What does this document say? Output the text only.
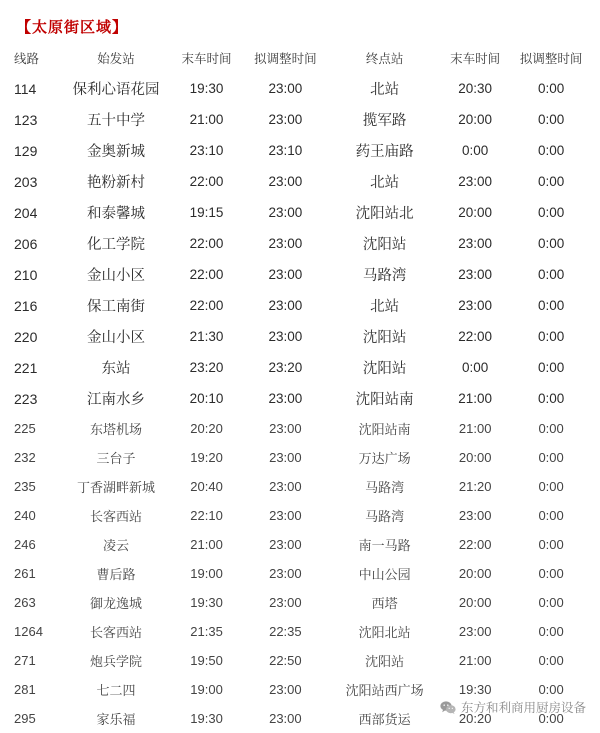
【太原街区域】
线路	始发站	末车时间	拟调整时间	终点站	末车时间	拟调整时间
114	保利心语花园	19:30	23:00	北站	20:30	0:00
123	五十中学	21:00	23:00	揽军路	20:00	0:00
129	金奥新城	23:10	23:10	药王庙路	0:00	0:00
203	艳粉新村	22:00	23:00	北站	23:00	0:00
204	和泰馨城	19:15	23:00	沈阳站北	20:00	0:00
206	化工学院	22:00	23:00	沈阳站	23:00	0:00
210	金山小区	22:00	23:00	马路湾	23:00	0:00
216	保工南街	22:00	23:00	北站	23:00	0:00
220	金山小区	21:30	23:00	沈阳站	22:00	0:00
221	东站	23:20	23:20	沈阳站	0:00	0:00
223	江南水乡	20:10	23:00	沈阳站南	21:00	0:00
225	东塔机场	20:20	23:00	沈阳站南	21:00	0:00
232	三台子	19:20	23:00	万达广场	20:00	0:00
235	丁香湖畔新城	20:40	23:00	马路湾	21:20	0:00
240	长客西站	22:10	23:00	马路湾	23:00	0:00
246	凌云	21:00	23:00	南一马路	22:00	0:00
261	曹后路	19:00	23:00	中山公园	20:00	0:00
263	御龙逸城	19:30	23:00	西塔	20:00	0:00
1264	长客西站	21:35	22:35	沈阳北站	23:00	0:00
271	炮兵学院	19:50	22:50	沈阳站	21:00	0:00
281	七二四	19:00	23:00	沈阳站西广场	19:30	0:00
295	家乐福	19:30	23:00	西部货运	20:20	0:00
东方和利商用厨房设备
